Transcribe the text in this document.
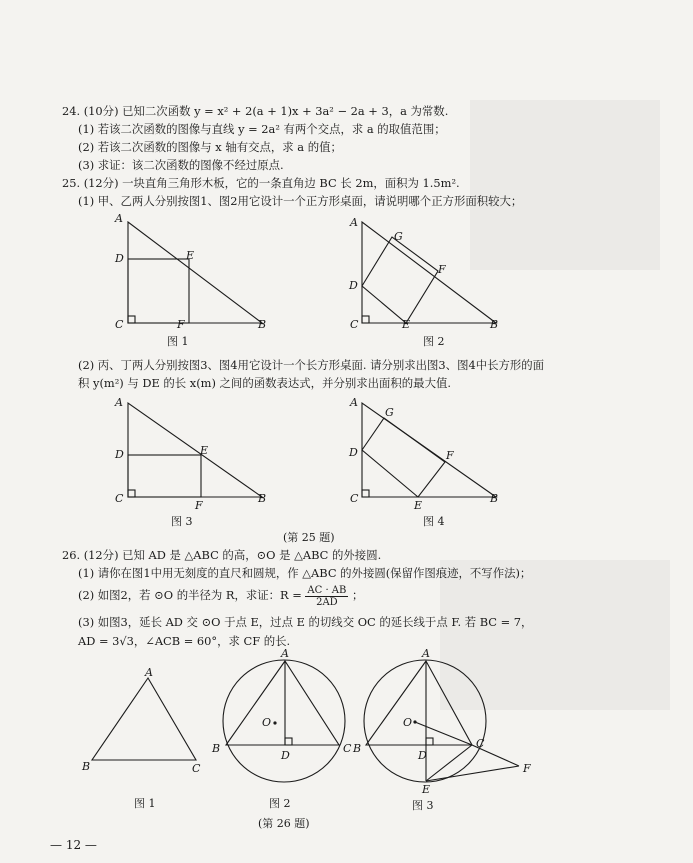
24. (10分) 已知二次函数 y = x² + 2(a + 1)x + 3a² − 2a + 3，a 为常数.
(1) 若该二次函数的图像与直线 y = 2a² 有两个交点，求 a 的取值范围；
(2) 若该二次函数的图像与 x 轴有交点，求 a 的值；
(3) 求证：该二次函数的图像不经过原点.
25. (12分) 一块直角三角形木板，它的一条直角边 BC 长 2m，面积为 1.5m².
(1) 甲、乙两人分别按图1、图2用它设计一个正方形桌面，请说明哪个正方形面积较大；
A
D	E
C	F	B
图 1
A
G
F
D
C	E	B
图 2
(2) 丙、丁两人分别按图3、图4用它设计一个长方形桌面. 请分别求出图3、图4中长方形的面
积 y(m²) 与 DE 的长 x(m) 之间的函数表达式，并分别求出面积的最大值.
A
D	E
C
F
B
图 3
A
G
D	F
C
E
B
图 4
(第 25 题)
26. (12分) 已知 AD 是 △ABC 的高，⊙O 是 △ABC 的外接圆.
(1) 请你在图1中用无刻度的直尺和圆规，作 △ABC 的外接圆(保留作图痕迹，不写作法)；
(2) 如图2，若 ⊙O 的半径为 R，求证：$R = \frac{AC \cdot AB}{2AD}$ ；
(3) 如图3，延长 AD 交 ⊙O 于点 E，过点 E 的切线交 OC 的延长线于点 F. 若 BC = 7，
AD = 3√3，∠ACB = 60°，求 CF 的长.
A
B	C
图 1
A
O
B
D
C
图 2
A
O
B	C
D
E
F
图 3
(第 26 题)
— 12 —
